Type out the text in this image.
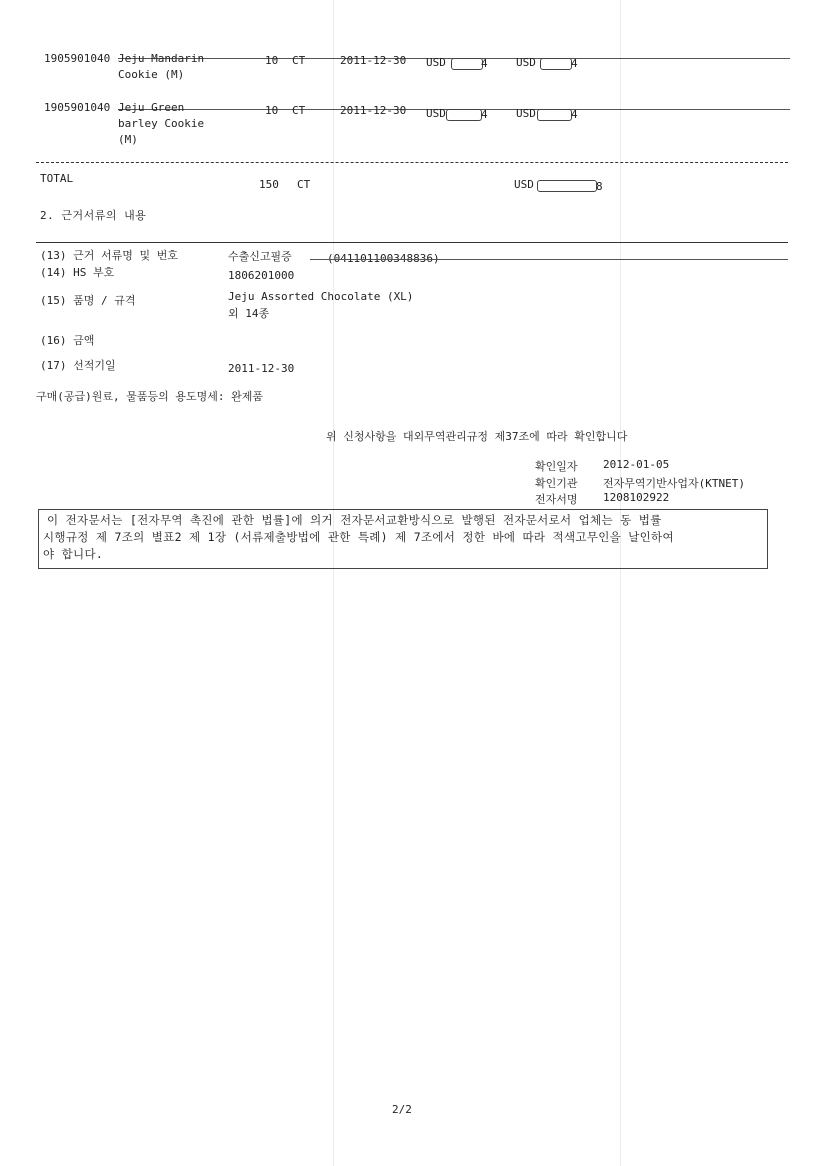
1905901040 Jeju Mandarin
Cookie (M)
10 CT	2011-12-30 USD	4	USD	4
1905901040 Jeju Green
barley Cookie
(M)
10 CT	2011-12-30 USD	4	USD	4
TOTAL	150 CT	USD	8
2. 근거서류의 내용
(13) 근거 서류명 및 번호	수출신고필증	(041101100348836)
(14) HS 부호	1806201000
(15) 품명 / 규격	Jeju Assorted Chocolate (XL)
외 14종
(16) 금액
(17) 선적기일	2011-12-30
구매(공급)원료, 물품등의 용도명세: 완제품
위 신청사항을 대외무역관리규정 제37조에 따라 확인합니다
확인일자 2012-01-05
확인기관 전자무역기반사업자(KTNET)
전자서명 1208102922
이 전자문서는 [전자무역 촉진에 관한 법률]에 의거 전자문서교환방식으로 발행된 전자문서로서 업체는 동 법률
시행규정 제 7조의 별표2 제 1장 (서류제출방법에 관한 특례) 제 7조에서 정한 바에 따라 적색고무인을 날인하여
야 합니다.
2/2
